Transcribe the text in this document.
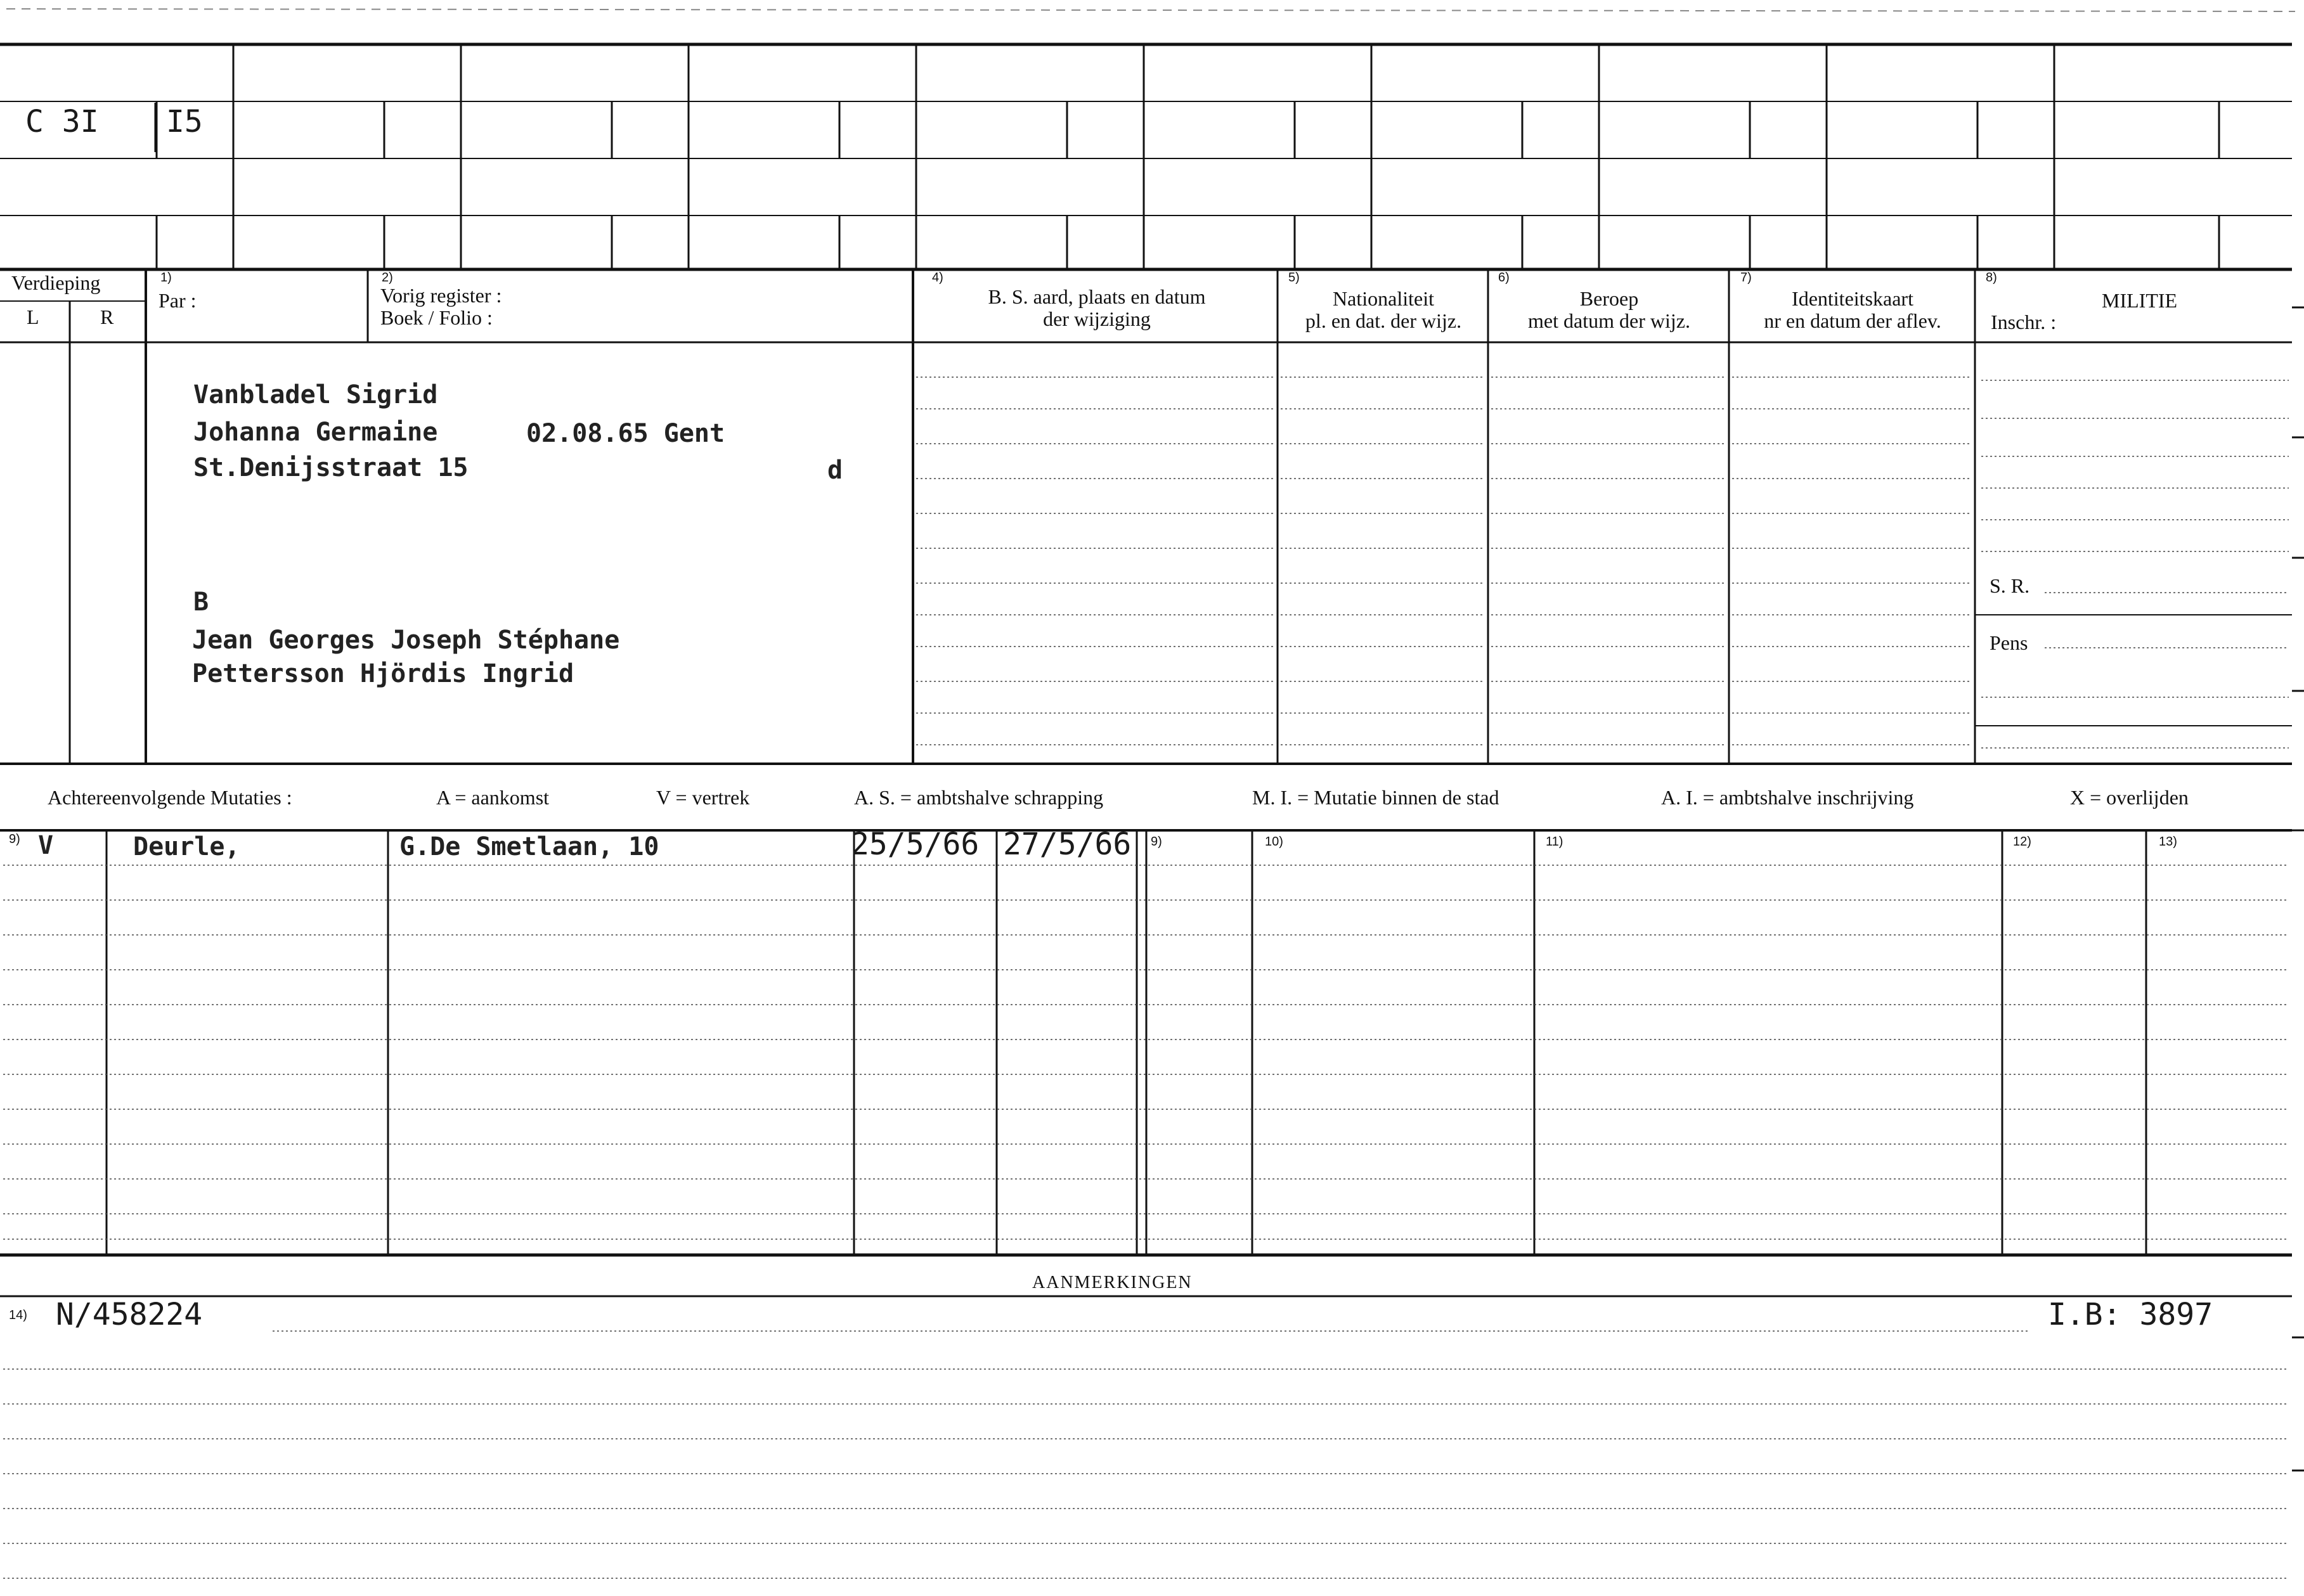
C 3I I5
Verdieping
L	R
1)
Par :
2)
Vorig register :
Boek / Folio :
4)
B. S. aard, plaats en datum
der wijziging
5)
Nationaliteit
pl. en dat. der wijz.
6)
Beroep
met datum der wijz.
7)
Identiteitskaart
nr en datum der aflev.
8)
MILITIE
Inschr. :
S. R.
Pens
Vanbladel Sigrid
Johanna Germaine	02.08.65 Gent
St.Denijsstraat 15	d
B
Jean Georges Joseph Stéphane
Pettersson Hjördis Ingrid
Achtereenvolgende Mutaties :	A = aankomst	V = vertrek	A. S. = ambtshalve schrapping	M. I. = Mutatie binnen de stad	A. I. = ambtshalve inschrijving	X = overlijden
9)	9)	10)	11)	12)	13)
V	Deurle,	G.De Smetlaan, 10	25/5/66 27/5/66
AANMERKINGEN
14) N/458224	I.B: 3897
